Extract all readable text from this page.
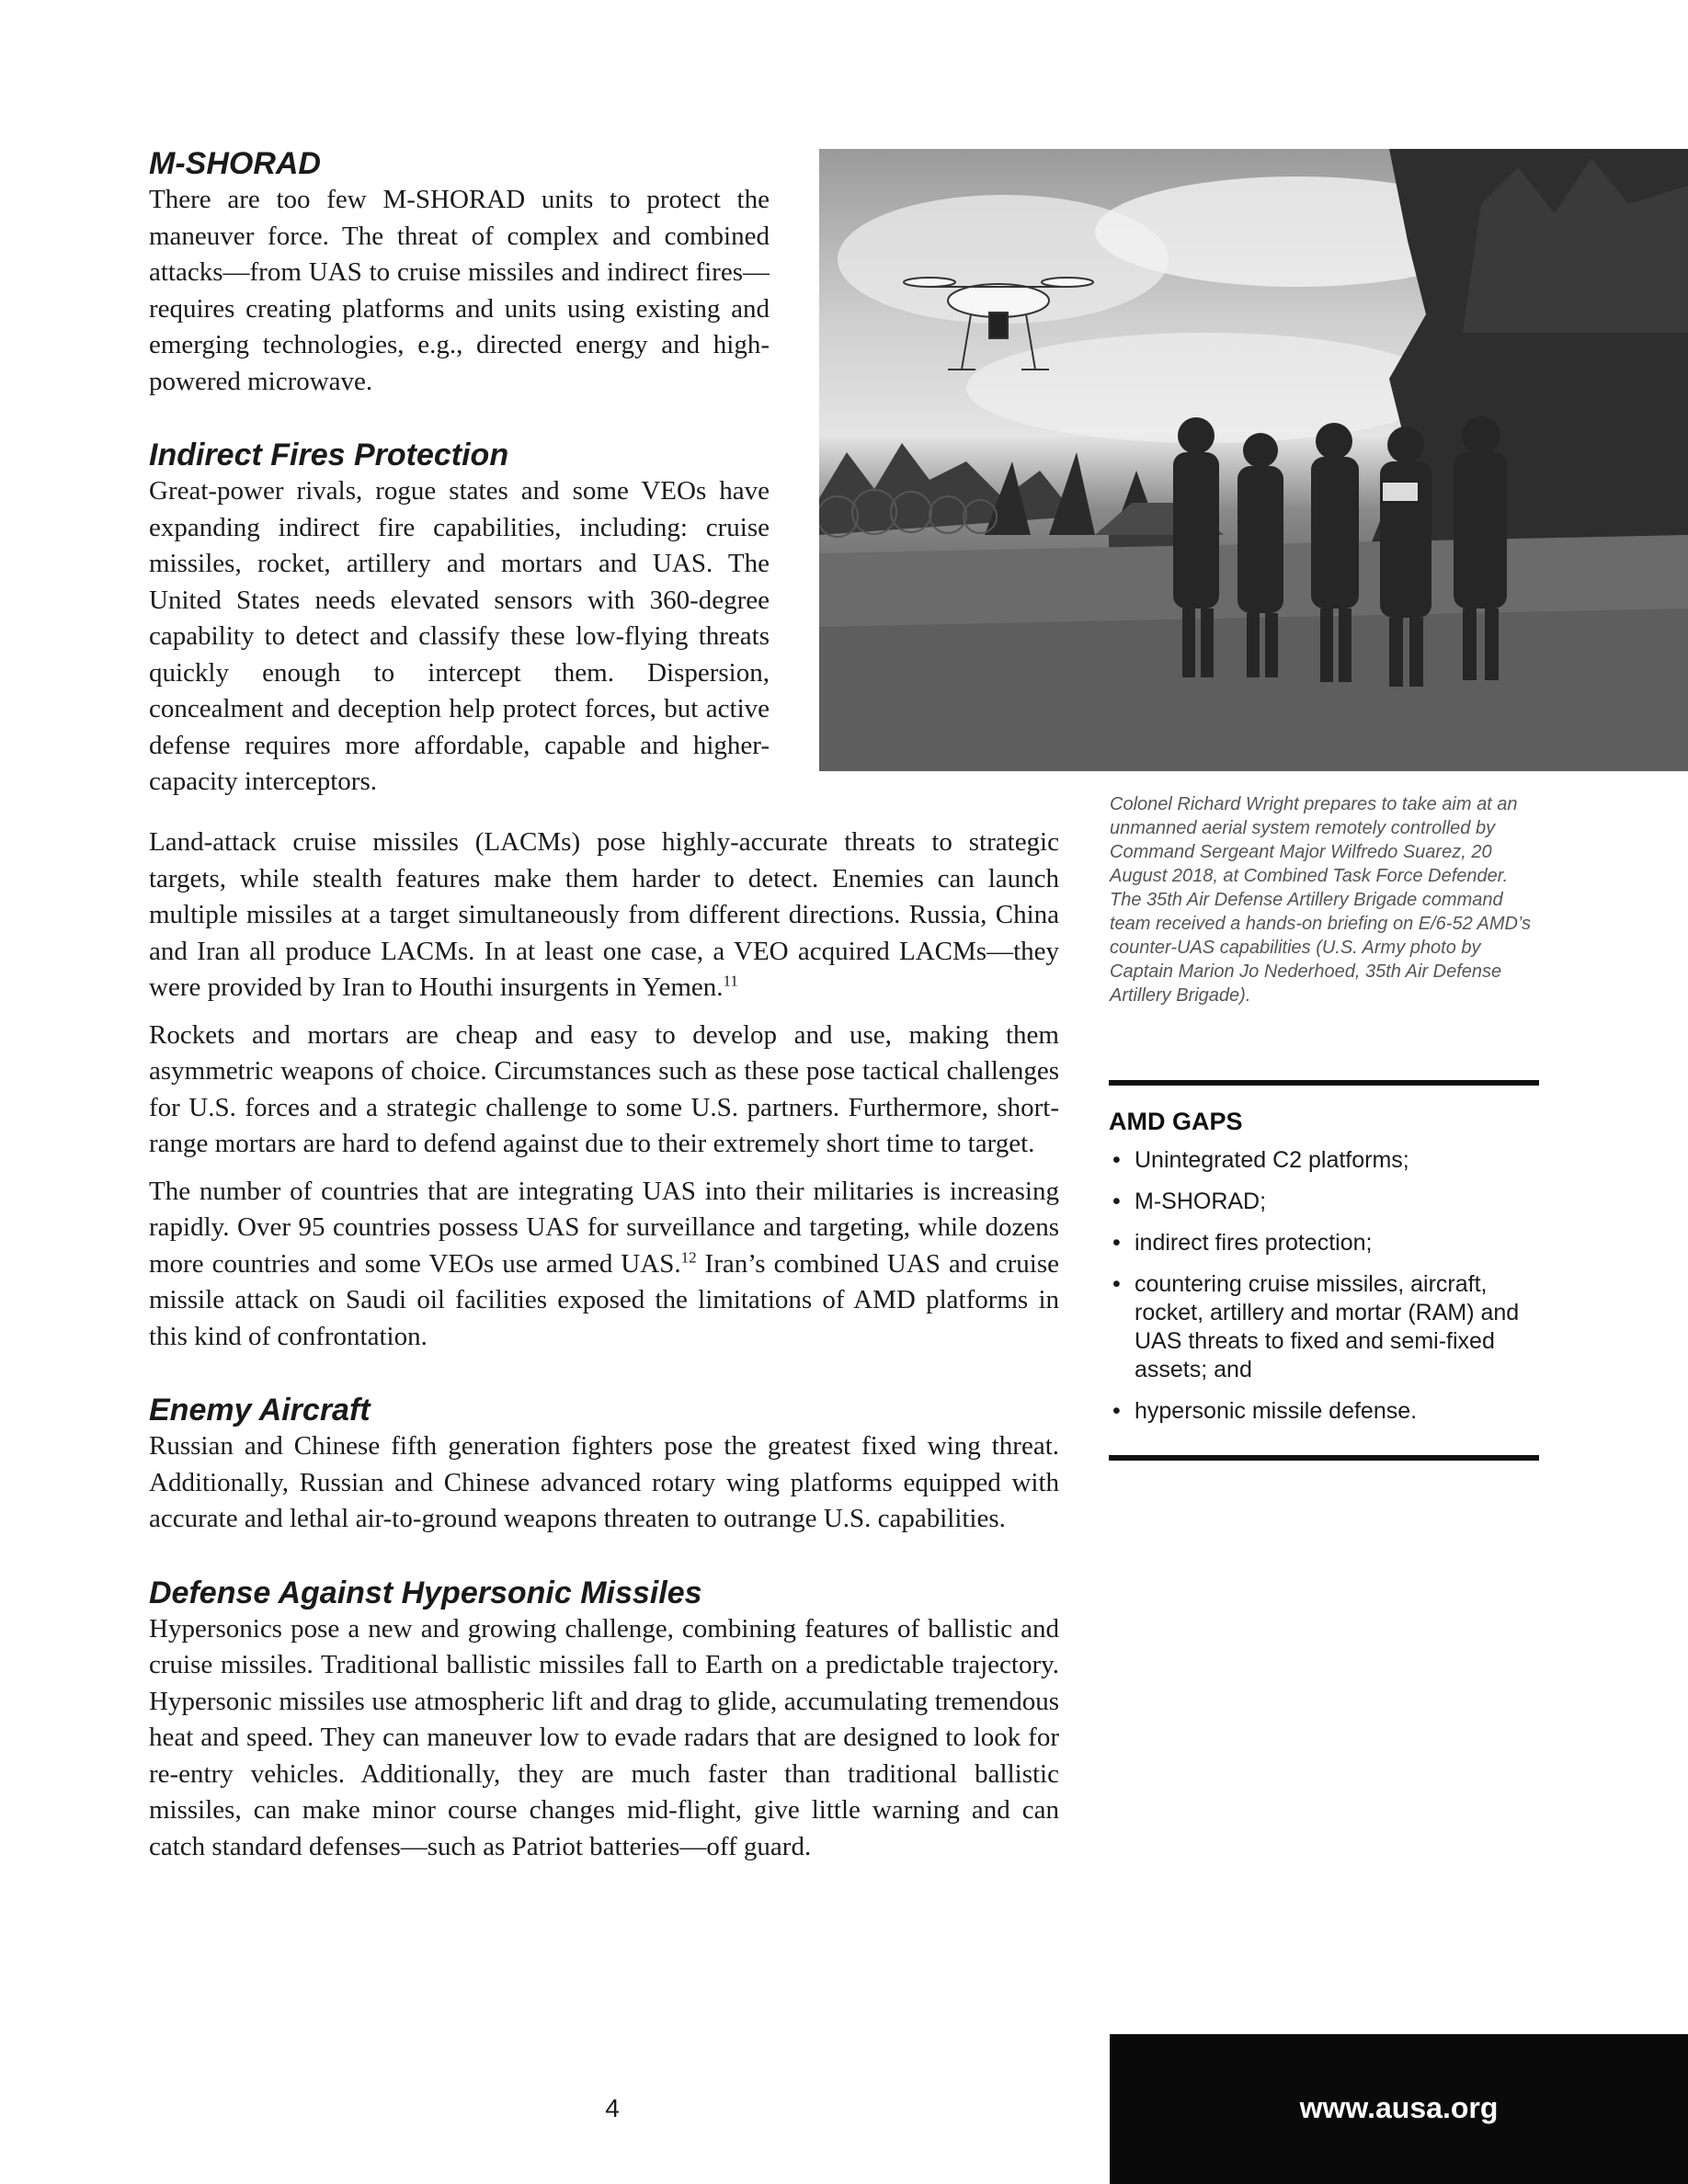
M-SHORAD

There are too few M-SHORAD units to protect the maneuver force. The threat of complex and combined attacks—from UAS to cruise missiles and indirect fires—requires creating platforms and units using existing and emerging technologies, e.g., directed energy and high-powered microwave.

Indirect Fires Protection

Great-power rivals, rogue states and some VEOs have expanding indirect fire capabilities, including: cruise missiles, rocket, artillery and mortars and UAS. The United States needs elevated sensors with 360-degree capability to detect and classify these low-flying threats quickly enough to intercept them. Dispersion, concealment and deception help protect forces, but active defense requires more affordable, capable and higher-capacity interceptors.

Colonel Richard Wright prepares to take aim at an unmanned aerial system remotely controlled by Command Sergeant Major Wilfredo Suarez, 20 August 2018, at Combined Task Force Defender. The 35th Air Defense Artillery Brigade command team received a hands-on briefing on E/6-52 AMD’s counter-UAS capabilities (U.S. Army photo by Captain Marion Jo Nederhoed, 35th Air Defense Artillery Brigade).

Land-attack cruise missiles (LACMs) pose highly-accurate threats to strategic targets, while stealth features make them harder to detect. Enemies can launch multiple missiles at a target simultaneously from different directions. Russia, China and Iran all produce LACMs. In at least one case, a VEO acquired LACMs—they were provided by Iran to Houthi insurgents in Yemen.$^{11}$

Rockets and mortars are cheap and easy to develop and use, making them asymmetric weapons of choice. Circumstances such as these pose tactical challenges for U.S. forces and a strategic challenge to some U.S. partners. Furthermore, short-range mortars are hard to defend against due to their extremely short time to target.

The number of countries that are integrating UAS into their militaries is increasing rapidly. Over 95 countries possess UAS for surveillance and targeting, while dozens more countries and some VEOs use armed UAS.$^{12}$ Iran’s combined UAS and cruise missile attack on Saudi oil facilities exposed the limitations of AMD platforms in this kind of confrontation.

Enemy Aircraft

Russian and Chinese fifth generation fighters pose the greatest fixed wing threat. Additionally, Russian and Chinese advanced rotary wing platforms equipped with accurate and lethal air-to-ground weapons threaten to outrange U.S. capabilities.

Defense Against Hypersonic Missiles

Hypersonics pose a new and growing challenge, combining features of ballistic and cruise missiles. Traditional ballistic missiles fall to Earth on a predictable trajectory. Hypersonic missiles use atmospheric lift and drag to glide, accumulating tremendous heat and speed. They can maneuver low to evade radars that are designed to look for re-entry vehicles. Additionally, they are much faster than traditional ballistic missiles, can make minor course changes mid-flight, give little warning and can catch standard defenses—such as Patriot batteries—off guard.

AMD GAPS
• Unintegrated C2 platforms;
• M-SHORAD;
• indirect fires protection;
• countering cruise missiles, aircraft, rocket, artillery and mortar (RAM) and UAS threats to fixed and semi-fixed assets; and
• hypersonic missile defense.
4	www.ausa.org
